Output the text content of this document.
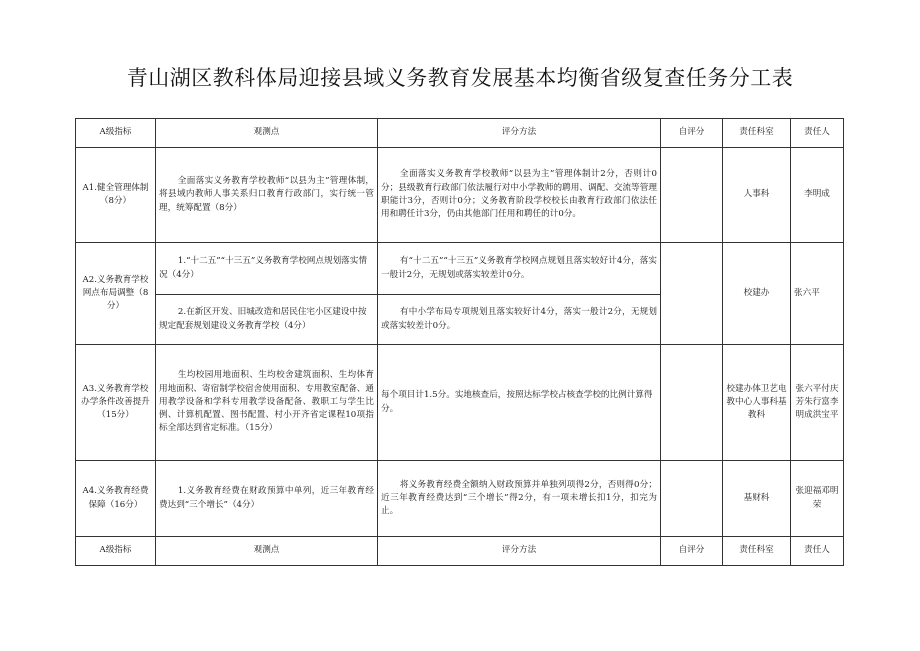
青山湖区教科体局迎接县域义务教育发展基本均衡省级复查任务分工表
A级指标	观测点	评分方法	自评分	责任科室	责任人
A1.健全管理体制（8分）	全面落实义务教育学校教师“以县为主”管理体制，将县域内教师人事关系归口教育行政部门，实行统一管理，统筹配置（8分）	全面落实义务教育学校教师“以县为主”管理体制计2分，否则计0分；县级教育行政部门依法履行对中小学教师的聘用、调配、交流等管理职能计3分，否则计0分；义务教育阶段学校校长由教育行政部门依法任用和聘任计3分，仍由其他部门任用和聘任的计0分。		人事科	李明成
A2.义务教育学校网点布局调整（8分）	1.“十二五”“十三五”义务教育学校网点规划落实情况（4分）	有“十二五”“十三五”义务教育学校网点规划且落实较好计4分，落实一般计2分，无规划或落实较差计0分。		校建办	张六平
	2.在新区开发、旧城改造和居民住宅小区建设中按规定配套规划建设义务教育学校（4分）	有中小学布局专项规划且落实较好计4分，落实一般计2分，无规划或落实较差计0分。			
A3.义务教育学校办学条件改善提升（15分）	生均校园用地面积、生均校舍建筑面积、生均体育用地面积、寄宿制学校宿舍使用面积、专用教室配备、通用教学设备和学科专用教学设备配备、教职工与学生比例、计算机配置、图书配置、村小开齐省定课程10项指标全部达到省定标准。（15分）	每个项目计1.5分。实地核查后，按照达标学校占核查学校的比例计算得分。		校建办体卫艺电教中心人事科基教科	张六平付庆芳朱行富李明成洪宝平
A4.义务教育经费保障（16分）	1.义务教育经费在财政预算中单列，近三年教育经费达到“三个增长”（4分）	将义务教育经费全额纳入财政预算并单独列项得2分，否则得0分；近三年教育经费达到“三个增长”得2分，有一项未增长扣1分，扣完为止。		基财科	张迎福邓明荣
A级指标	观测点	评分方法	自评分	责任科室	责任人
